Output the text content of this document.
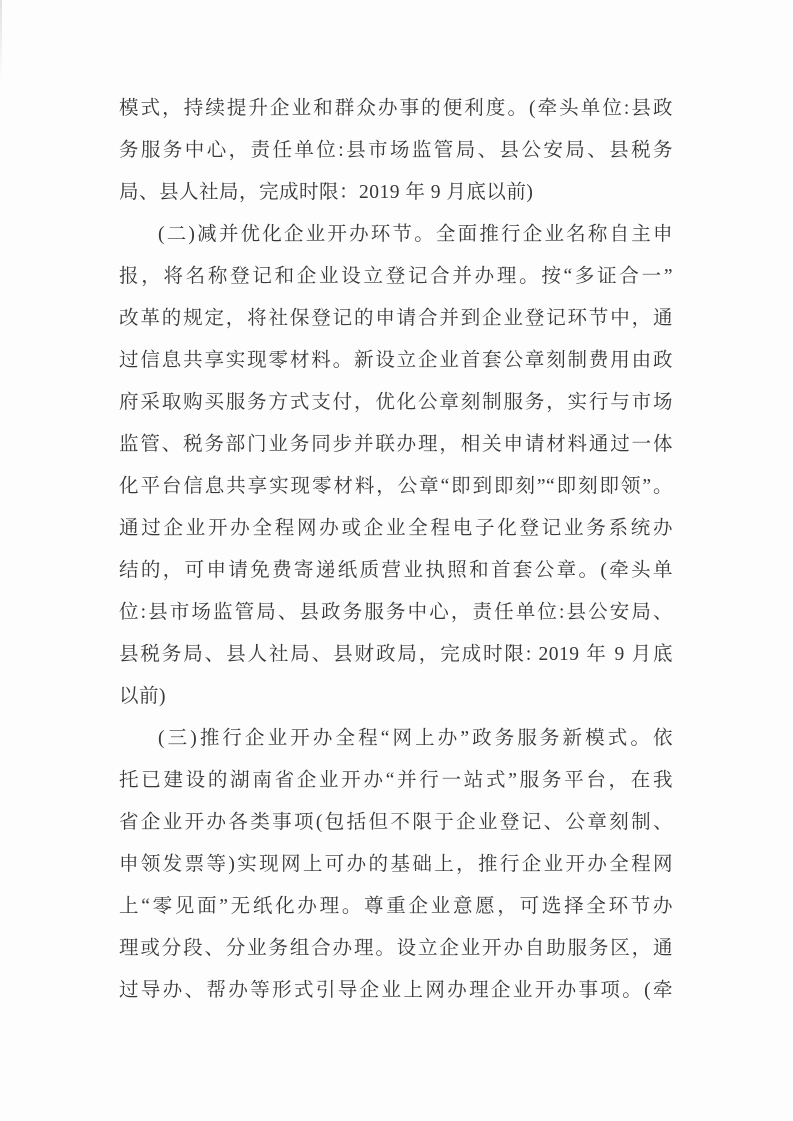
模式，持续提升企业和群众办事的便利度。(牵头单位:县政
务服务中心，责任单位:县市场监管局、县公安局、县税务
局、县人社局，完成时限：2019 年 9 月底以前)
(二)减并优化企业开办环节。全面推行企业名称自主申
报，将名称登记和企业设立登记合并办理。按“多证合一”
改革的规定，将社保登记的申请合并到企业登记环节中，通
过信息共享实现零材料。新设立企业首套公章刻制费用由政
府采取购买服务方式支付，优化公章刻制服务，实行与市场
监管、税务部门业务同步并联办理，相关申请材料通过一体
化平台信息共享实现零材料，公章“即到即刻”“即刻即领”。
通过企业开办全程网办或企业全程电子化登记业务系统办
结的，可申请免费寄递纸质营业执照和首套公章。(牵头单
位:县市场监管局、县政务服务中心，责任单位:县公安局、
县税务局、县人社局、县财政局，完成时限: 2019 年 9 月底
以前)
(三)推行企业开办全程“网上办”政务服务新模式。依
托已建设的湖南省企业开办“并行一站式”服务平台，在我
省企业开办各类事项(包括但不限于企业登记、公章刻制、
申领发票等)实现网上可办的基础上，推行企业开办全程网
上“零见面”无纸化办理。尊重企业意愿，可选择全环节办
理或分段、分业务组合办理。设立企业开办自助服务区，通
过导办、帮办等形式引导企业上网办理企业开办事项。(牵
